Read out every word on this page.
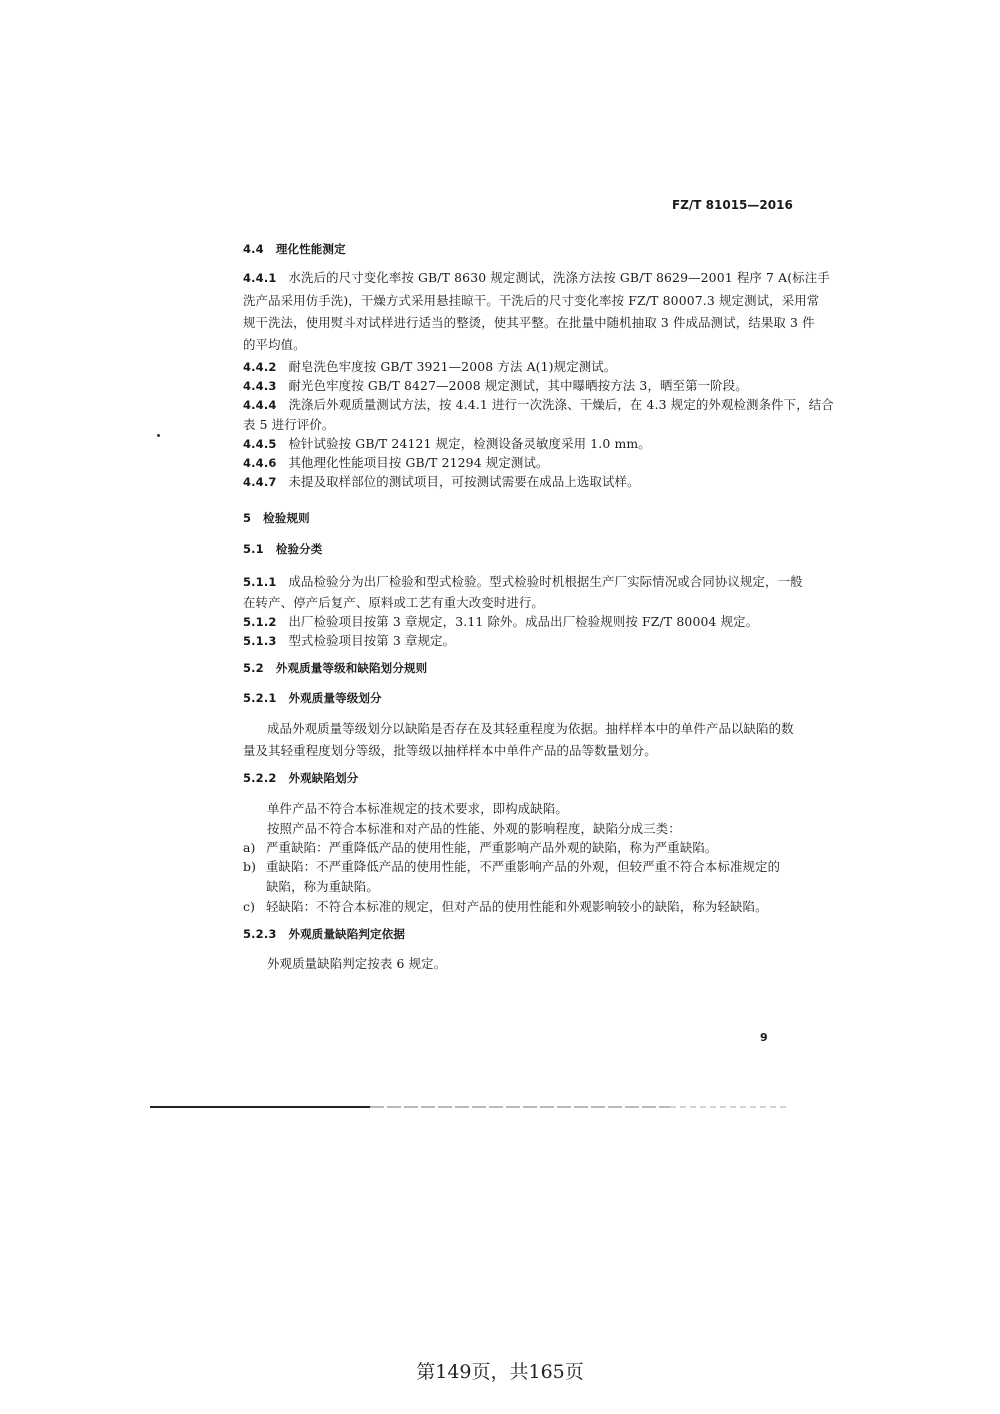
FZ/T 81015—2016
4.4 理化性能测定
4.4.1 水洗后的尺寸变化率按 GB/T 8630 规定测试，洗涤方法按 GB/T 8629—2001 程序 7 A(标注手
洗产品采用仿手洗)，干燥方式采用悬挂晾干。干洗后的尺寸变化率按 FZ/T 80007.3 规定测试，采用常
规干洗法，使用熨斗对试样进行适当的整烫，使其平整。在批量中随机抽取 3 件成品测试，结果取 3 件
的平均值。
4.4.2 耐皂洗色牢度按 GB/T 3921—2008 方法 A(1)规定测试。
4.4.3 耐光色牢度按 GB/T 8427—2008 规定测试，其中曝晒按方法 3，晒至第一阶段。
4.4.4 洗涤后外观质量测试方法，按 4.4.1 进行一次洗涤、干燥后，在 4.3 规定的外观检测条件下，结合
表 5 进行评价。
4.4.5 检针试验按 GB/T 24121 规定，检测设备灵敏度采用 1.0 mm。
4.4.6 其他理化性能项目按 GB/T 21294 规定测试。
4.4.7 未提及取样部位的测试项目，可按测试需要在成品上选取试样。
5 检验规则
5.1 检验分类
5.1.1 成品检验分为出厂检验和型式检验。型式检验时机根据生产厂实际情况或合同协议规定，一般
在转产、停产后复产、原料或工艺有重大改变时进行。
5.1.2 出厂检验项目按第 3 章规定，3.11 除外。成品出厂检验规则按 FZ/T 80004 规定。
5.1.3 型式检验项目按第 3 章规定。
5.2 外观质量等级和缺陷划分规则
5.2.1 外观质量等级划分
成品外观质量等级划分以缺陷是否存在及其轻重程度为依据。抽样样本中的单件产品以缺陷的数
量及其轻重程度划分等级，批等级以抽样样本中单件产品的品等数量划分。
5.2.2 外观缺陷划分
单件产品不符合本标准规定的技术要求，即构成缺陷。
按照产品不符合本标准和对产品的性能、外观的影响程度，缺陷分成三类：
a) 严重缺陷：严重降低产品的使用性能，严重影响产品外观的缺陷，称为严重缺陷。
b) 重缺陷：不严重降低产品的使用性能，不严重影响产品的外观，但较严重不符合本标准规定的
缺陷，称为重缺陷。
c) 轻缺陷：不符合本标准的规定，但对产品的使用性能和外观影响较小的缺陷，称为轻缺陷。
5.2.3 外观质量缺陷判定依据
外观质量缺陷判定按表 6 规定。
9
第149页，共165页
